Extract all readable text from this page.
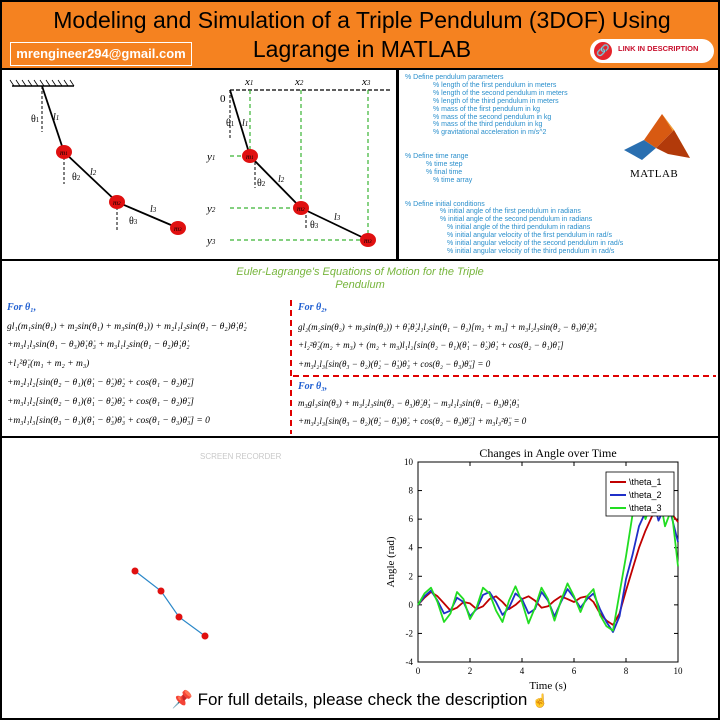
Modeling and Simulation of a Triple Pendulum (3DOF) Using Lagrange in MATLAB
mrengineer294@gmail.com	🔗 LINK IN DESCRIPTION
m1
m2
m3
l1
l2
l3
θ1
θ2
θ3
0
x1	x2	x3
y1
y2
y3
l1
l2
l3
θ1
θ2
θ3
m1
m2
m3
% Define pendulum parameters
% length of the first pendulum in meters
% length of the second pendulum in meters
% length of the third pendulum in meters
% mass of the first pendulum in kg
% mass of the second pendulum in kg
% mass of the third pendulum in kg
% gravitational acceleration in m/s^2

% Define time range
% time step
% final time
% time array

% Define initial conditions
% initial angle of the first pendulum in radians
% initial angle of the second pendulum in radians
% initial angle of the third pendulum in radians
% initial angular velocity of the first pendulum in rad/s
% initial angular velocity of the second pendulum in rad/s
% initial angular velocity of the third pendulum in rad/s
MATLAB
Euler-Lagrange's Equations of Motion for the Triple
Pendulum
For θ₁,	For θ₂,
For θ₃,
gl₁(m₁sin(θ₁) + m₂sin(θ₁) + m₃sin(θ₁)) + m₂l₁l₂sin(θ₁ − θ₂)θ̇₁θ̇₂
+m₃l₁l₃sin(θ₁ − θ₃)θ̇₁θ̇₃ + m₃l₁l₂sin(θ₁ − θ₂)θ̇₁θ̇₂
+l₁²θ̈₁(m₁ + m₂ + m₃)
+m₂l₁l₂[sin(θ₂ − θ₁)(θ̇₁ − θ̇₂)θ̇₂ + cos(θ₁ − θ₂)θ̈₂]
+m₃l₁l₂[sin(θ₂ − θ₁)(θ̇₁ − θ̇₂)θ̇₂ + cos(θ₁ − θ₂)θ̈₂]
+m₃l₁l₃[sin(θ₃ − θ₁)(θ̇₁ − θ̇₃)θ̇₃ + cos(θ₁ − θ₃)θ̈₃] = 0
gl₂(m₂sin(θ₂) + m₃sin(θ₂)) + θ̇₁θ̇₂l₁l₂sin(θ₁ − θ₂)[m₂ + m₃] + m₃l₂l₃sin(θ₂ − θ₃)θ̇₂θ̇₃
+l₂²θ̈₂(m₂ + m₃) + (m₂ + m₃)l₁l₂[sin(θ₂ − θ₁)(θ̇₁ − θ̇₂)θ̇₁ + cos(θ₂ − θ₁)θ̈₁]
+m₃l₂l₃[sin(θ₃ − θ₂)(θ̇₂ − θ̇₃)θ̇₃ + cos(θ₂ − θ₃)θ̈₃] = 0
m₃gl₃sin(θ₃) + m₃l₂l₃sin(θ₂ − θ₃)θ̇₂θ̇₃ − m₃l₁l₃sin(θ₁ − θ₃)θ̇₁θ̇₃
+m₃l₂l₃[sin(θ₃ − θ₂)(θ̇₂ − θ̇₃)θ̇₂ + cos(θ₂ − θ₃)θ̈₂] + m₃l₃²θ̈₃ = 0
SCREEN RECORDER	Changes in Angle over Time
0	2	4	6	8	10
-4
-2
0
2
4
6
8
10
Time (s)
Angle (rad)
\theta_1
\theta_2
\theta_3
📌 For full details, please check the description ☝
